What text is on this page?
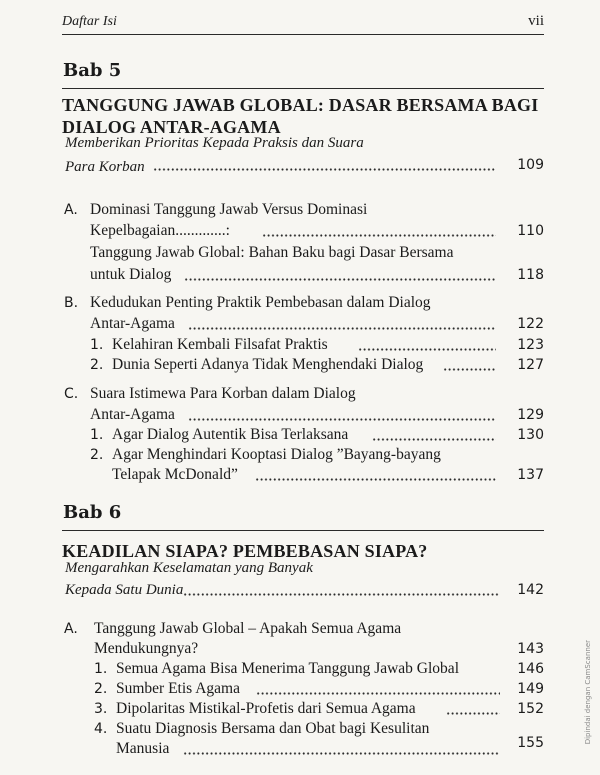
Daftar Isi	vii
Bab 5
TANGGUNG JAWAB GLOBAL: DASAR BERSAMA BAGI
DIALOG ANTAR-AGAMA
Memberikan Prioritas Kepada Praksis dan Suara
Para Korban	109
A. Dominasi Tanggung Jawab Versus Dominasi
Kepelbagaian.............:	110
Tanggung Jawab Global: Bahan Baku bagi Dasar Bersama
untuk Dialog	118
B. Kedudukan Penting Praktik Pembebasan dalam Dialog
Antar-Agama	122
1. Kelahiran Kembali Filsafat Praktis	123
2. Dunia Seperti Adanya Tidak Menghendaki Dialog	127
C. Suara Istimewa Para Korban dalam Dialog
Antar-Agama	129
1. Agar Dialog Autentik Bisa Terlaksana	130
2. Agar Menghindari Kooptasi Dialog ”Bayang-bayang
Telapak McDonald”	137
Bab 6
KEADILAN SIAPA? PEMBEBASAN SIAPA?
Mengarahkan Keselamatan yang Banyak
Kepada Satu Dunia	142
A. Tanggung Jawab Global – Apakah Semua Agama
Mendukungnya?	143
1. Semua Agama Bisa Menerima Tanggung Jawab Global	146
2. Sumber Etis Agama	149
3. Dipolaritas Mistikal-Profetis dari Semua Agama	152
4. Suatu Diagnosis Bersama dan Obat bagi Kesulitan
Manusia	155	Dipindai dengan CamScanner
